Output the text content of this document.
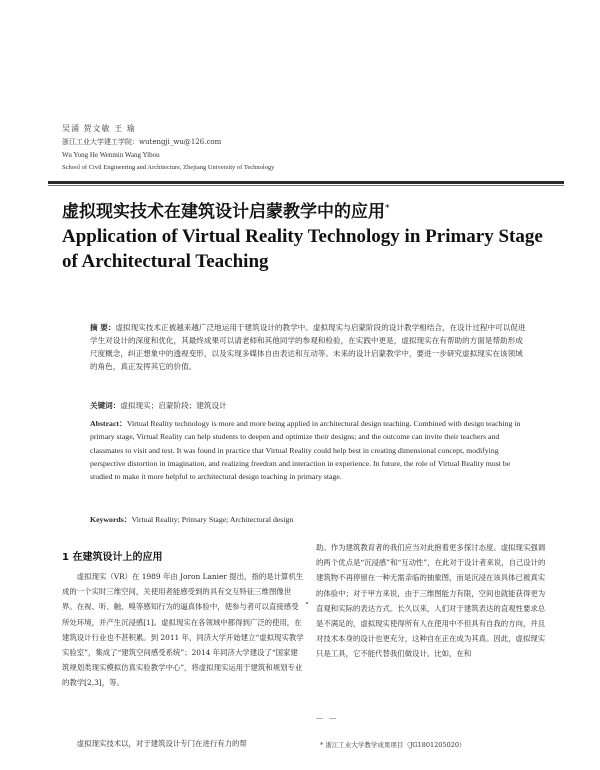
吴涌 贺文敏 王 瑜
浙江工业大学建工学院：wutengji_wu@126.com
Wu Yong He Wenmin Wang Yibou
School of Civil Engineering and Architecture, Zhejiang University of Technology
虚拟现实技术在建筑设计启蒙教学中的应用*
Application of Virtual Reality Technology in Primary Stage of Architectural Teaching
摘 要：虚拟现实技术正被越来越广泛地运用于建筑设计的教学中。虚拟现实与启蒙阶段的设计教学相结合，在设计过程中可以促进学生对设计的深度和优化，其最终成果可以请老师和其他同学的参观和检验，在实践中更是，虚拟现实在有帮助的方面是帮助形成尺度概念，纠正想象中的透视变形，以及实现多媒体自由表达和互动等。未来的设计启蒙教学中，要进一步研究虚拟现实在该领域的角色，真正发挥其它的价值。
关键词：虚拟现实；启蒙阶段；建筑设计
Abstract：Virtual Reality technology is more and more being applied in architectural design teaching. Combined with design teaching in primary stage, Virtual Reality can help students to deepen and optimize their designs; and the outcome can invite their teachers and classmates to visit and test. It was found in practice that Virtual Reality could help best in creating dimensional concept, modifying perspective distortion in imagination, and realizing freedom and interaction in experience. In future, the role of Virtual Reality must be studied to make it more helpful to architectural design teaching in primary stage.
Keywords：Virtual Reality; Primary Stage; Architectural design
1 在建筑设计上的应用
虚拟现实（VR）在 1989 年由 Joron Lanier 提出，指的是计算机生成的一个实时三维空间，关使用者能感受到的具有交互特征三维图像世界。在视、听、触、嗅等感知行为的逼真体验中，使参与者可以直接感受所处环境，并产生沉浸感[1]。虚拟现实在各领域中都得到广泛的使用，在建筑设计行业也不甚积累。到 2011 年，同济大学开始建立“虚拟现实教学实验室”，集成了“建筑空间感受系统”；2014 年同济大学建设了“国家建筑规划类现实模拟仿真实验教学中心”，将虚拟现实运用于建筑和规划专业的教学[2,3]，等。
虚拟现实技术以，对于建筑设计专门在进行有力的帮
助。作为建筑教育者的我们应当对此抱着更多探讨态度。虚拟现实强调的两个优点是“沉浸感”和“互动性”，在此对于设计者来说，自己设计的建筑物不再停留在一种无需亲临的抽象图，而是沉浸在该具体已被真实的体验中；对于甲方来说，由于三维图能力有限，空间也就能获得更为直观和实际的表达方式。长久以来，人们对于建筑表达的直观性要求总是不满足的，虚拟现实使得所有人在使用中不但具有自我的方向，并且对技术本身的设计也更充分，这种自在正在成为其真。因此，虚拟现实只是工具，它不能代替我们做设计。比如，在和
— —
* 浙江工业大学教学成果项目（JG1801205020）
